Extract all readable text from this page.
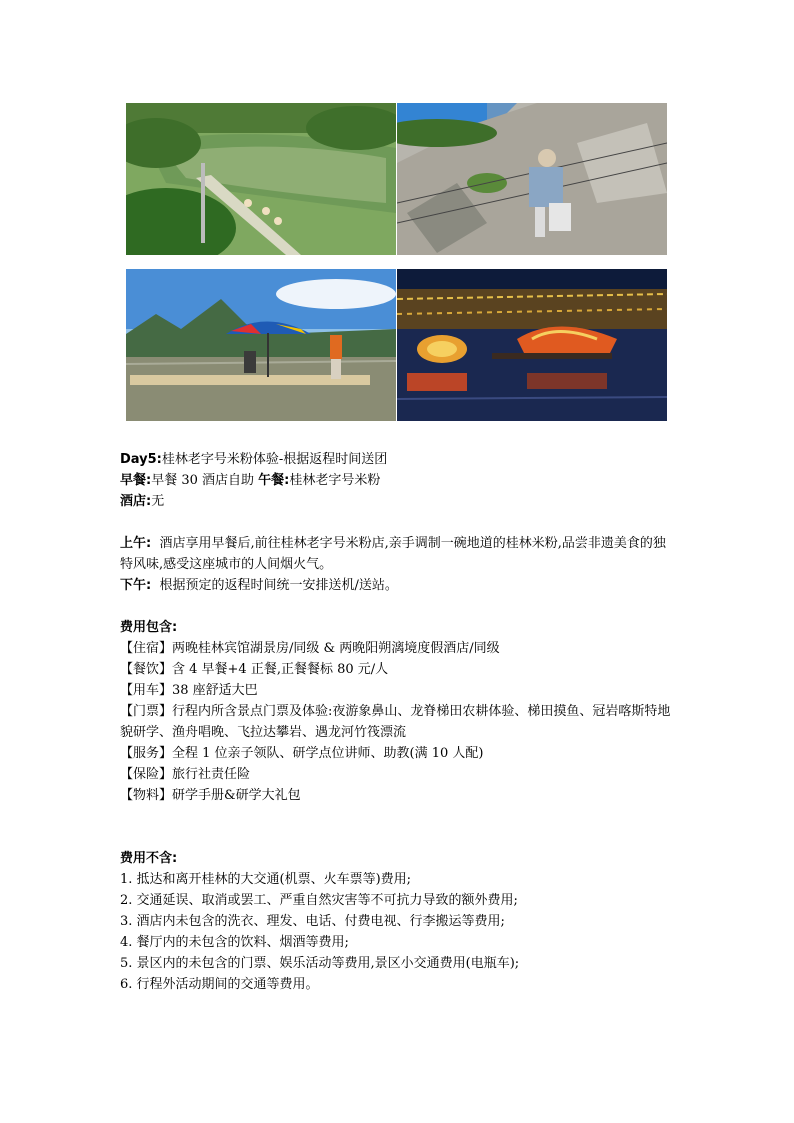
Day5:桂林老字号米粉体验-根据返程时间送团
早餐:早餐 30 酒店自助 午餐:桂林老字号米粉
酒店:无
上午: 酒店享用早餐后,前往桂林老字号米粉店,亲手调制一碗地道的桂林米粉,品尝非遗美食的独特风味,感受这座城市的人间烟火气。
下午: 根据预定的返程时间统一安排送机/送站。
费用包含:
【住宿】两晚桂林宾馆湖景房/同级 & 两晚阳朔漓境度假酒店/同级
【餐饮】含 4 早餐+4 正餐,正餐餐标 80 元/人
【用车】38 座舒适大巴
【门票】行程内所含景点门票及体验:夜游象鼻山、龙脊梯田农耕体验、梯田摸鱼、冠岩喀斯特地貌研学、渔舟唱晚、飞拉达攀岩、遇龙河竹筏漂流
【服务】全程 1 位亲子领队、研学点位讲师、助教(满 10 人配)
【保险】旅行社责任险
【物料】研学手册&研学大礼包
费用不含:
1. 抵达和离开桂林的大交通(机票、火车票等)费用;
2. 交通延误、取消或罢工、严重自然灾害等不可抗力导致的额外费用;
3. 酒店内未包含的洗衣、理发、电话、付费电视、行李搬运等费用;
4. 餐厅内的未包含的饮料、烟酒等费用;
5. 景区内的未包含的门票、娱乐活动等费用,景区小交通费用(电瓶车);
6. 行程外活动期间的交通等费用。
